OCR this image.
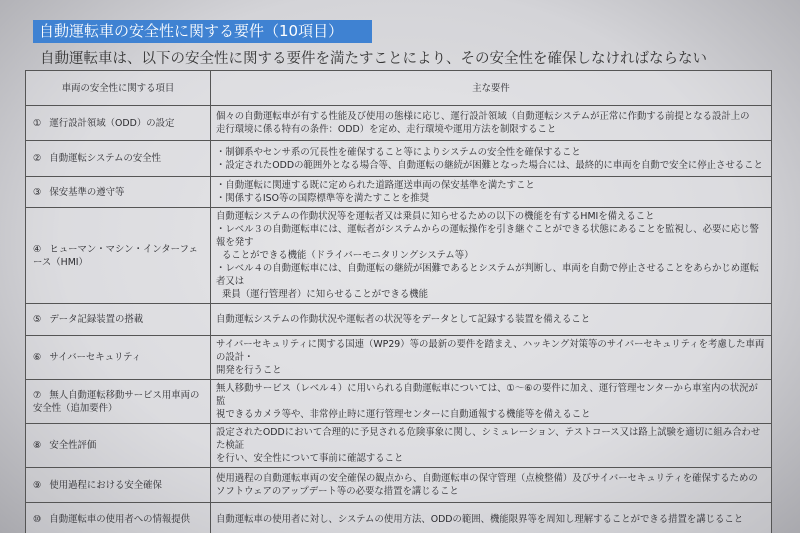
自動運転車の安全性に関する要件（10項目）
自動運転車は、以下の安全性に関する要件を満たすことにより、その安全性を確保しなければならない
車両の安全性に関する項目	主な要件
① 運行設計領域（ODD）の設定	個々の自動運転車が有する性能及び使用の態様に応じ、運行設計領域（自動運転システムが正常に作動する前提となる設計上の
走行環境に係る特有の条件：ODD）を定め、走行環境や運用方法を制限すること

② 自動運転システムの安全性	・制御系やセンサ系の冗長性を確保すること等によりシステムの安全性を確保すること
・設定されたODDの範囲外となる場合等、自動運転の継続が困難となった場合には、最終的に車両を自動で安全に停止させること

③ 保安基準の遵守等	・自動運転に関連する既に定められた道路運送車両の保安基準を満たすこと
・関係するISO等の国際標準等を満たすことを推奨

④ ヒューマン・マシン・インターフェース（HMI）	自動運転システムの作動状況等を運転者又は乗員に知らせるための以下の機能を有するHMIを備えること
・レベル３の自動運転車には、運転者がシステムからの運転操作を引き継ぐことができる状態にあることを監視し、必要に応じ警報を発す
ることができる機能（ドライバーモニタリングシステム等）
・レベル４の自動運転車には、自動運転の継続が困難であるとシステムが判断し、車両を自動で停止させることをあらかじめ運転者又は
乗員（運行管理者）に知らせることができる機能

⑤ データ記録装置の搭載	自動運転システムの作動状況や運転者の状況等をデータとして記録する装置を備えること

⑥ サイバーセキュリティ	サイバーセキュリティに関する国連（WP29）等の最新の要件を踏まえ、ハッキング対策等のサイバーセキュリティを考慮した車両の設計・
開発を行うこと

⑦ 無人自動運転移動サービス用車両の安全性（追加要件）	無人移動サービス（レベル４）に用いられる自動運転車については、①～⑥の要件に加え、運行管理センターから車室内の状況が監
視できるカメラ等や、非常停止時に運行管理センターに自動通報する機能等を備えること

⑧ 安全性評価	設定されたODDにおいて合理的に予見される危険事象に関し、シミュレーション、テストコース又は路上試験を適切に組み合わせた検証
を行い、安全性について事前に確認すること

⑨ 使用過程における安全確保	使用過程の自動運転車両の安全確保の観点から、自動運転車の保守管理（点検整備）及びサイバーセキュリティを確保するための
ソフトウェアのアップデート等の必要な措置を講じること

⑩ 自動運転車の使用者への情報提供	自動運転車の使用者に対し、システムの使用方法、ODDの範囲、機能限界等を周知し理解することができる措置を講じること
